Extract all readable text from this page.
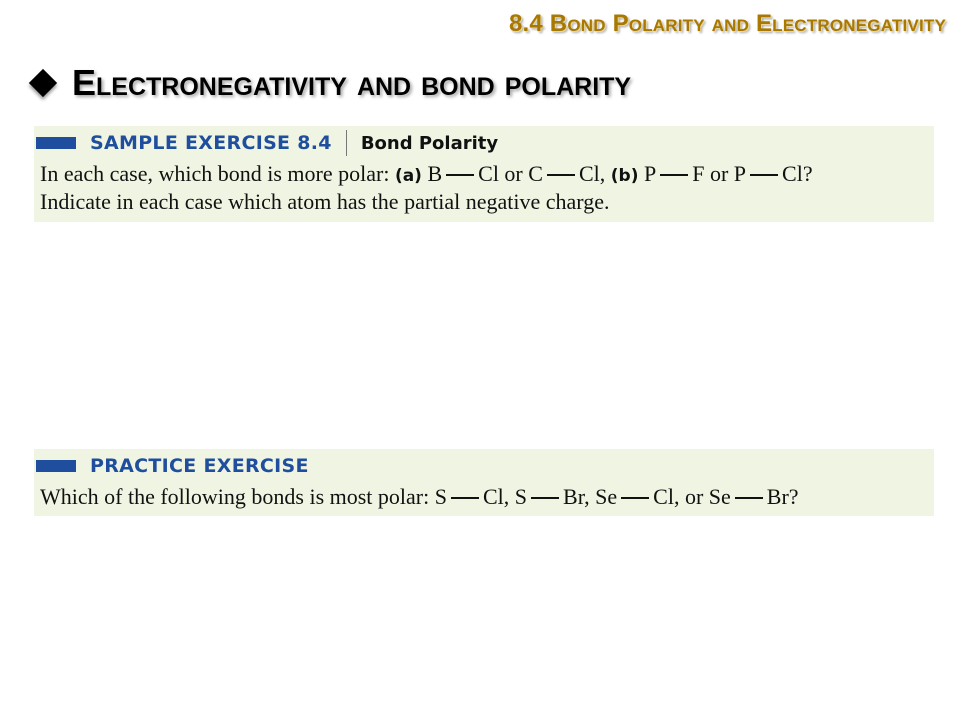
8.4 Bond Polarity and Electronegativity
Electronegativity and bond polarity
SAMPLE EXERCISE 8.4 Bond Polarity
In each case, which bond is more polar: (a) B Cl or C Cl, (b) P F or P Cl?
Indicate in each case which atom has the partial negative charge.
PRACTICE EXERCISE
Which of the following bonds is most polar: S Cl, S Br, Se Cl, or Se Br?
